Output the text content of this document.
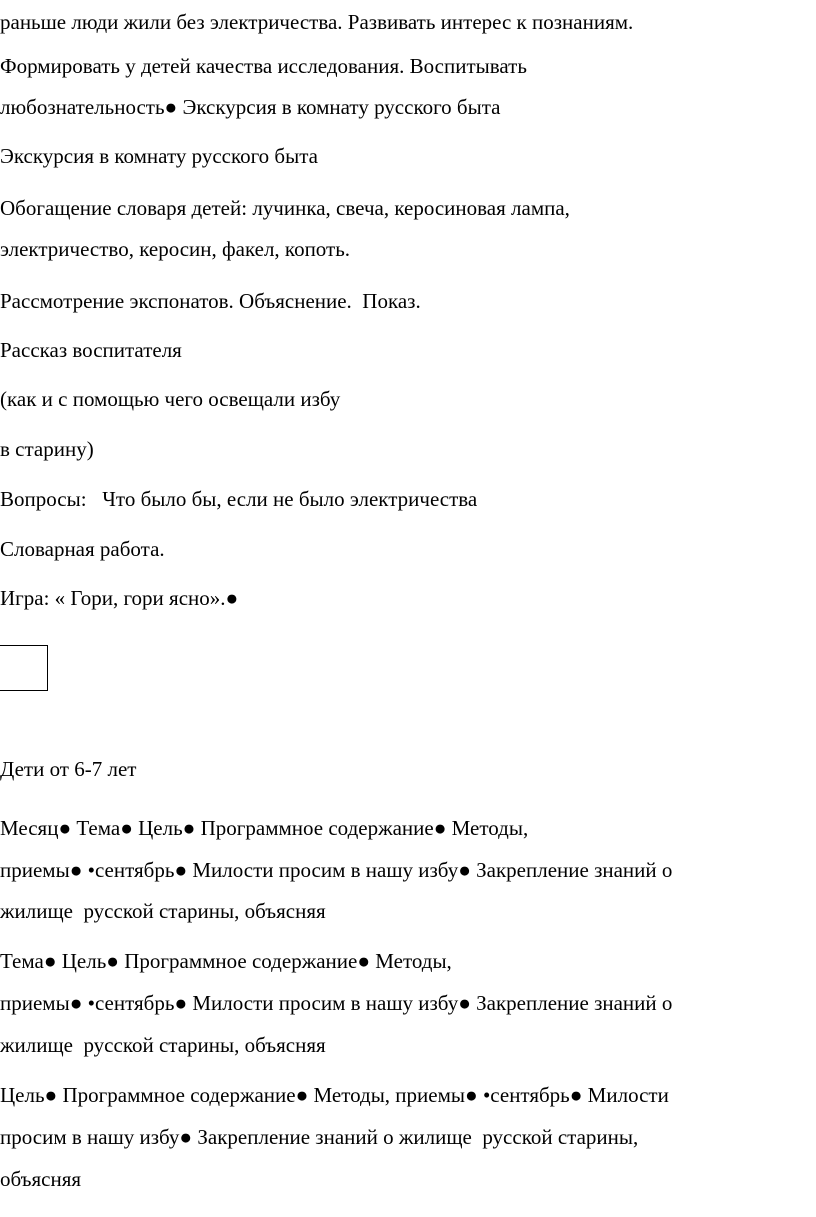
раньше люди жили без электричества. Развивать интерес к познаниям.
Формировать у детей качества исследования. Воспитывать
любознательность● Экскурсия в комнату русского быта
Экскурсия в комнату русского быта
Обогащение словаря детей: лучинка, свеча, керосиновая лампа,
электричество, керосин, факел, копоть.
Рассмотрение экспонатов. Объяснение.  Показ.
Рассказ воспитателя
(как и с помощью чего освещали избу
в старину)
Вопросы:   Что было бы, если не было электричества
Словарная работа.
Игра: « Гори, гори ясно».●
Дети от 6-7 лет
Месяц● Тема● Цель● Программное содержание● Методы,
приемы● •сентябрь● Милости просим в нашу избу● Закрепление знаний о
жилище  русской старины, объясняя
Тема● Цель● Программное содержание● Методы,
приемы● •сентябрь● Милости просим в нашу избу● Закрепление знаний о
жилище  русской старины, объясняя
Цель● Программное содержание● Методы, приемы● •сентябрь● Милости
просим в нашу избу● Закрепление знаний о жилище  русской старины,
объясняя
